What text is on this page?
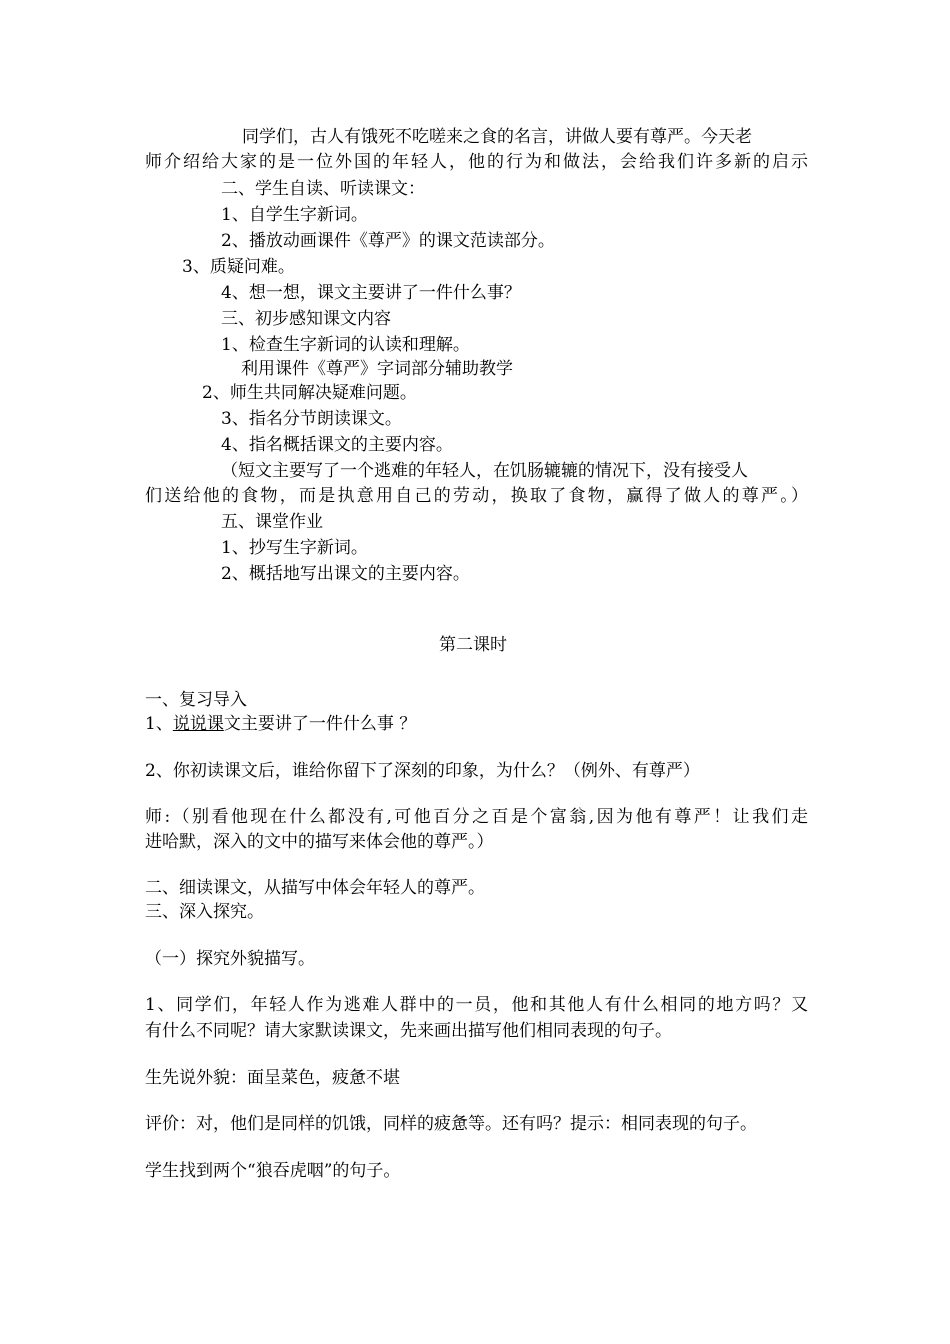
同学们，古人有饿死不吃嗟来之食的名言，讲做人要有尊严。今天老
师介绍给大家的是一位外国的年轻人，他的行为和做法，会给我们许多新的启示
二、学生自读、听读课文：
1、自学生字新词。
2、播放动画课件《尊严》的课文范读部分。
3、质疑问难。
4、想一想，课文主要讲了一件什么事？
三、初步感知课文内容
1、检查生字新词的认读和理解。
利用课件《尊严》字词部分辅助教学
2、师生共同解决疑难问题。
3、指名分节朗读课文。
4、指名概括课文的主要内容。
（短文主要写了一个逃难的年轻人，在饥肠辘辘的情况下，没有接受人
们送给他的食物，而是执意用自己的劳动，换取了食物，赢得了做人的尊严。）
五、课堂作业
1、抄写生字新词。
2、概括地写出课文的主要内容。
第二课时
一、复习导入
1、说说课文主要讲了一件什么事 ？
2、你初读课文后，谁给你留下了深刻的印象，为什么？（例外、有尊严）
师:（别看他现在什么都没有,可他百分之百是个富翁,因为他有尊严！让我们走
进哈默，深入的文中的描写来体会他的尊严。）
二、细读课文，从描写中体会年轻人的尊严。
三、深入探究。
（一）探究外貌描写。
1、同学们，年轻人作为逃难人群中的一员，他和其他人有什么相同的地方吗？又
有什么不同呢？请大家默读课文，先来画出描写他们相同表现的句子。
生先说外貌：面呈菜色，疲惫不堪
评价：对，他们是同样的饥饿，同样的疲惫等。还有吗？提示：相同表现的句子。
学生找到两个“狼吞虎咽”的句子。
